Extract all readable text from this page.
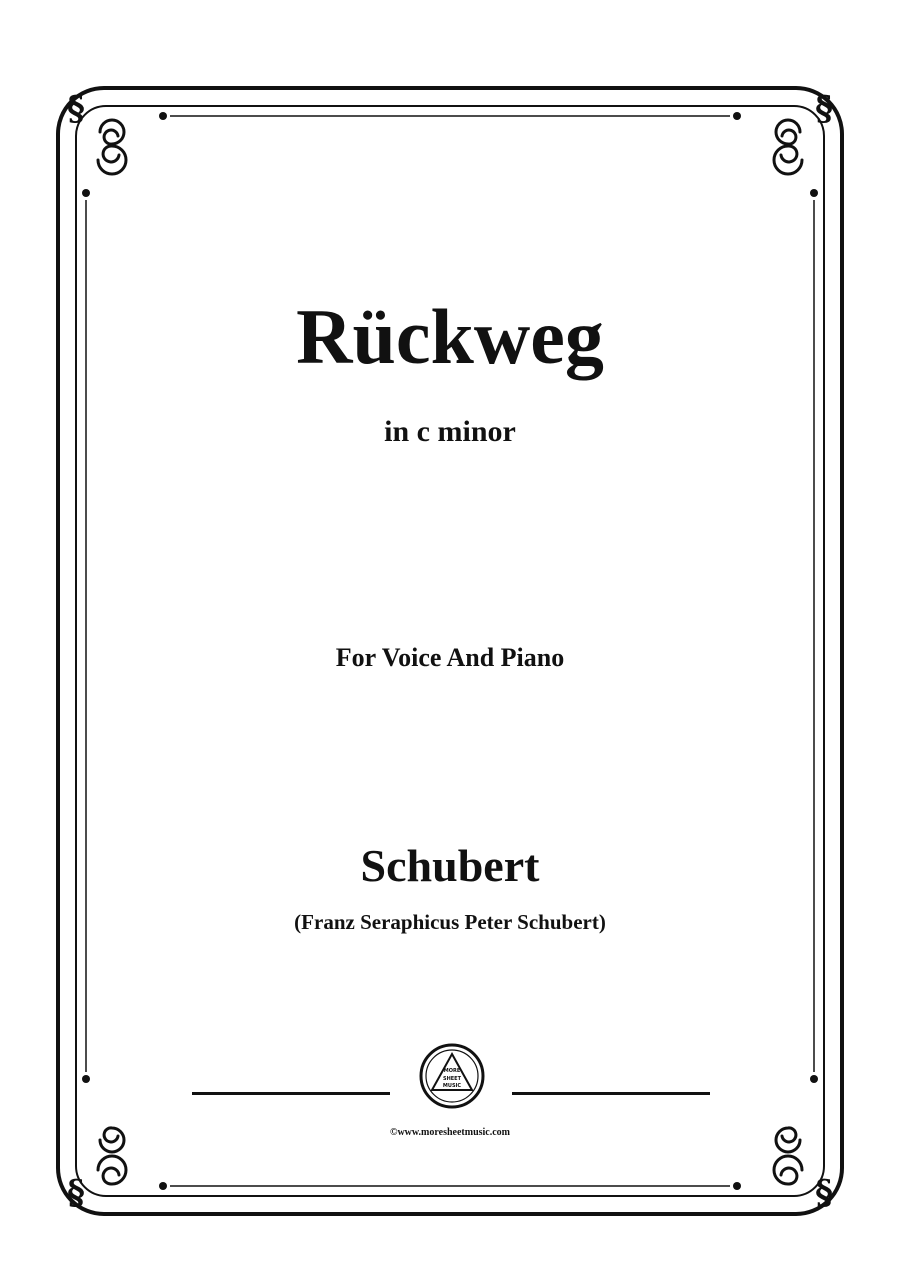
§	§
§	§
Rückweg
in c minor
For Voice And Piano
Schubert
(Franz Seraphicus Peter Schubert)
MORE
SHEET
MUSIC
©www.moresheetmusic.com
